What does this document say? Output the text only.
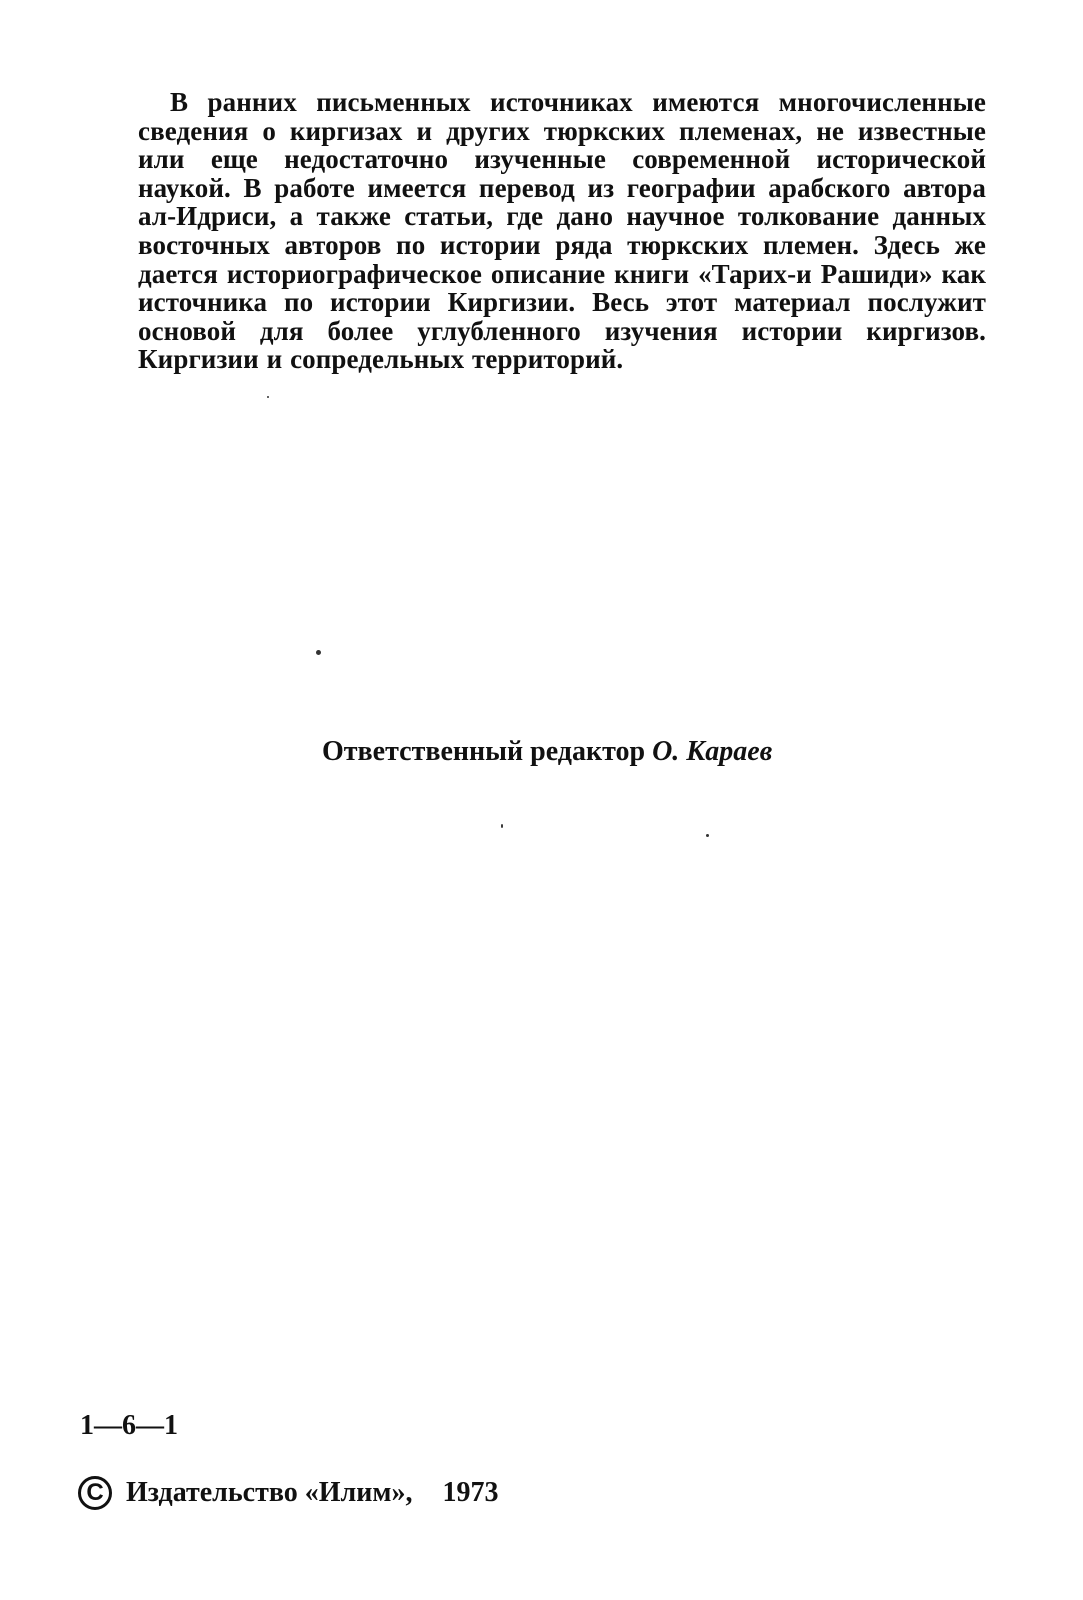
В ранних письменных источниках имеются многочисленные сведения о киргизах и других тюркских племенах, не известные или еще недостаточно изученные современной исторической наукой. В работе имеется перевод из географии арабского автора ал-Идриси, а также статьи, где дано научное толкование данных восточных авторов по истории ряда тюркских племен. Здесь же дается историографическое описание книги «Тарих-и Рашиди» как источника по истории Киргизии. Весь этот материал послужит основой для более углубленного изучения истории киргизов. Киргизии и сопредельных территорий.

Ответственный редактор О. Караев
1—6—1
C Издательство «Илим», 1973
